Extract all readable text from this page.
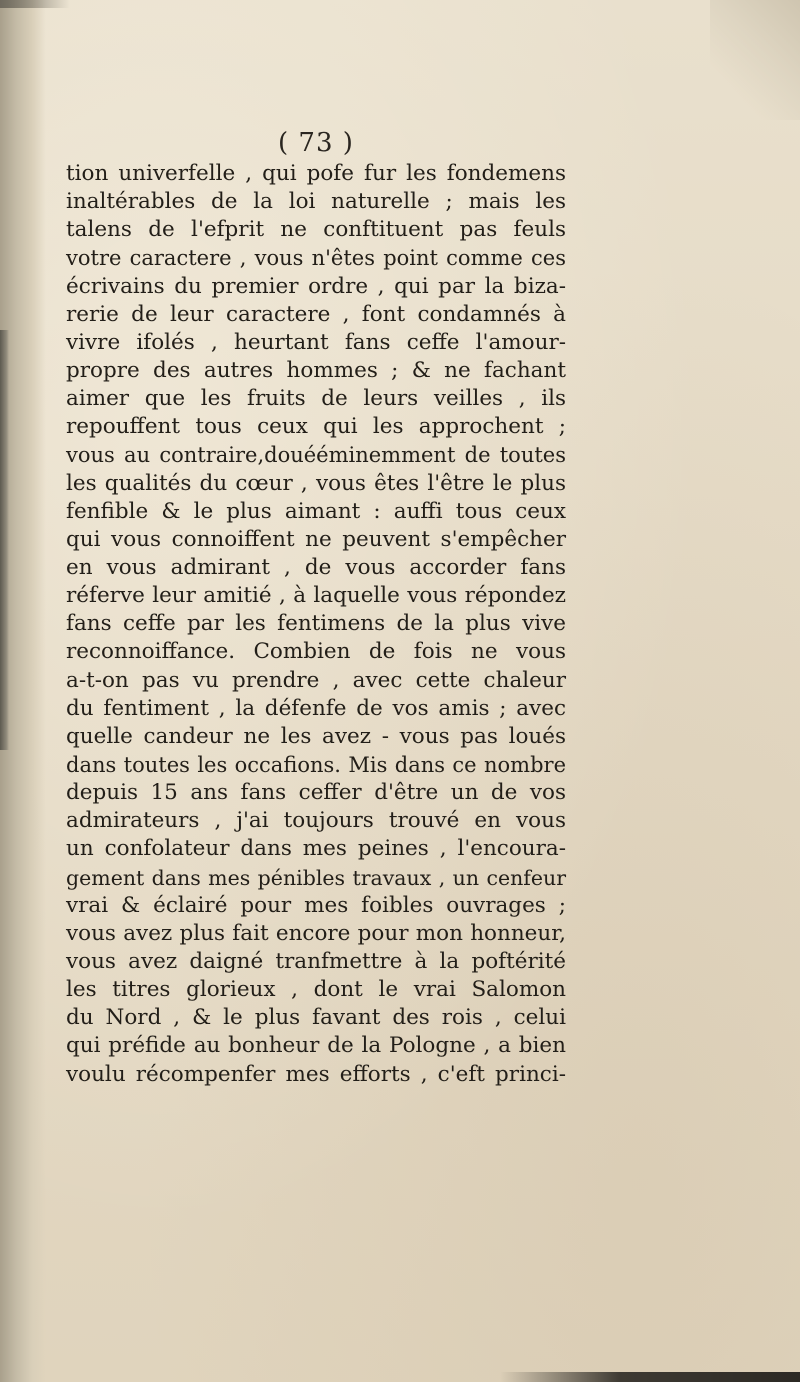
( 73 )

tion univerfelle , qui pofe fur les fondemens
inaltérables de la loi naturelle ; mais les
talens de l'efprit ne conftituent pas feuls
votre caractere , vous n'êtes point comme ces
écrivains du premier ordre , qui par la biza-
rerie de leur caractere , font condamnés à
vivre ifolés , heurtant fans ceffe l'amour-
propre des autres hommes ; & ne fachant
aimer que les fruits de leurs veilles , ils
repouffent tous ceux qui les approchent ;
vous au contraire,douééminemment de toutes
les qualités du cœur , vous êtes l'être le plus
fenfible & le plus aimant : auffi tous ceux
qui vous connoiffent ne peuvent s'empêcher
en vous admirant , de vous accorder fans
réferve leur amitié , à laquelle vous répondez
fans ceffe par les fentimens de la plus vive
reconnoiffance. Combien de fois ne vous
a-t-on pas vu prendre , avec cette chaleur
du fentiment , la défenfe de vos amis ; avec
quelle candeur ne les avez - vous pas loués
dans toutes les occafions. Mis dans ce nombre
depuis 15 ans fans ceffer d'être un de vos
admirateurs , j'ai toujours trouvé en vous
un confolateur dans mes peines , l'encoura-
gement dans mes pénibles travaux , un cenfeur
vrai & éclairé pour mes foibles ouvrages ;
vous avez plus fait encore pour mon honneur,
vous avez daigné tranfmettre à la poftérité
les titres glorieux , dont le vrai Salomon
du Nord , & le plus favant des rois , celui
qui préfide au bonheur de la Pologne , a bien
voulu récompenfer mes efforts , c'eft princi-
